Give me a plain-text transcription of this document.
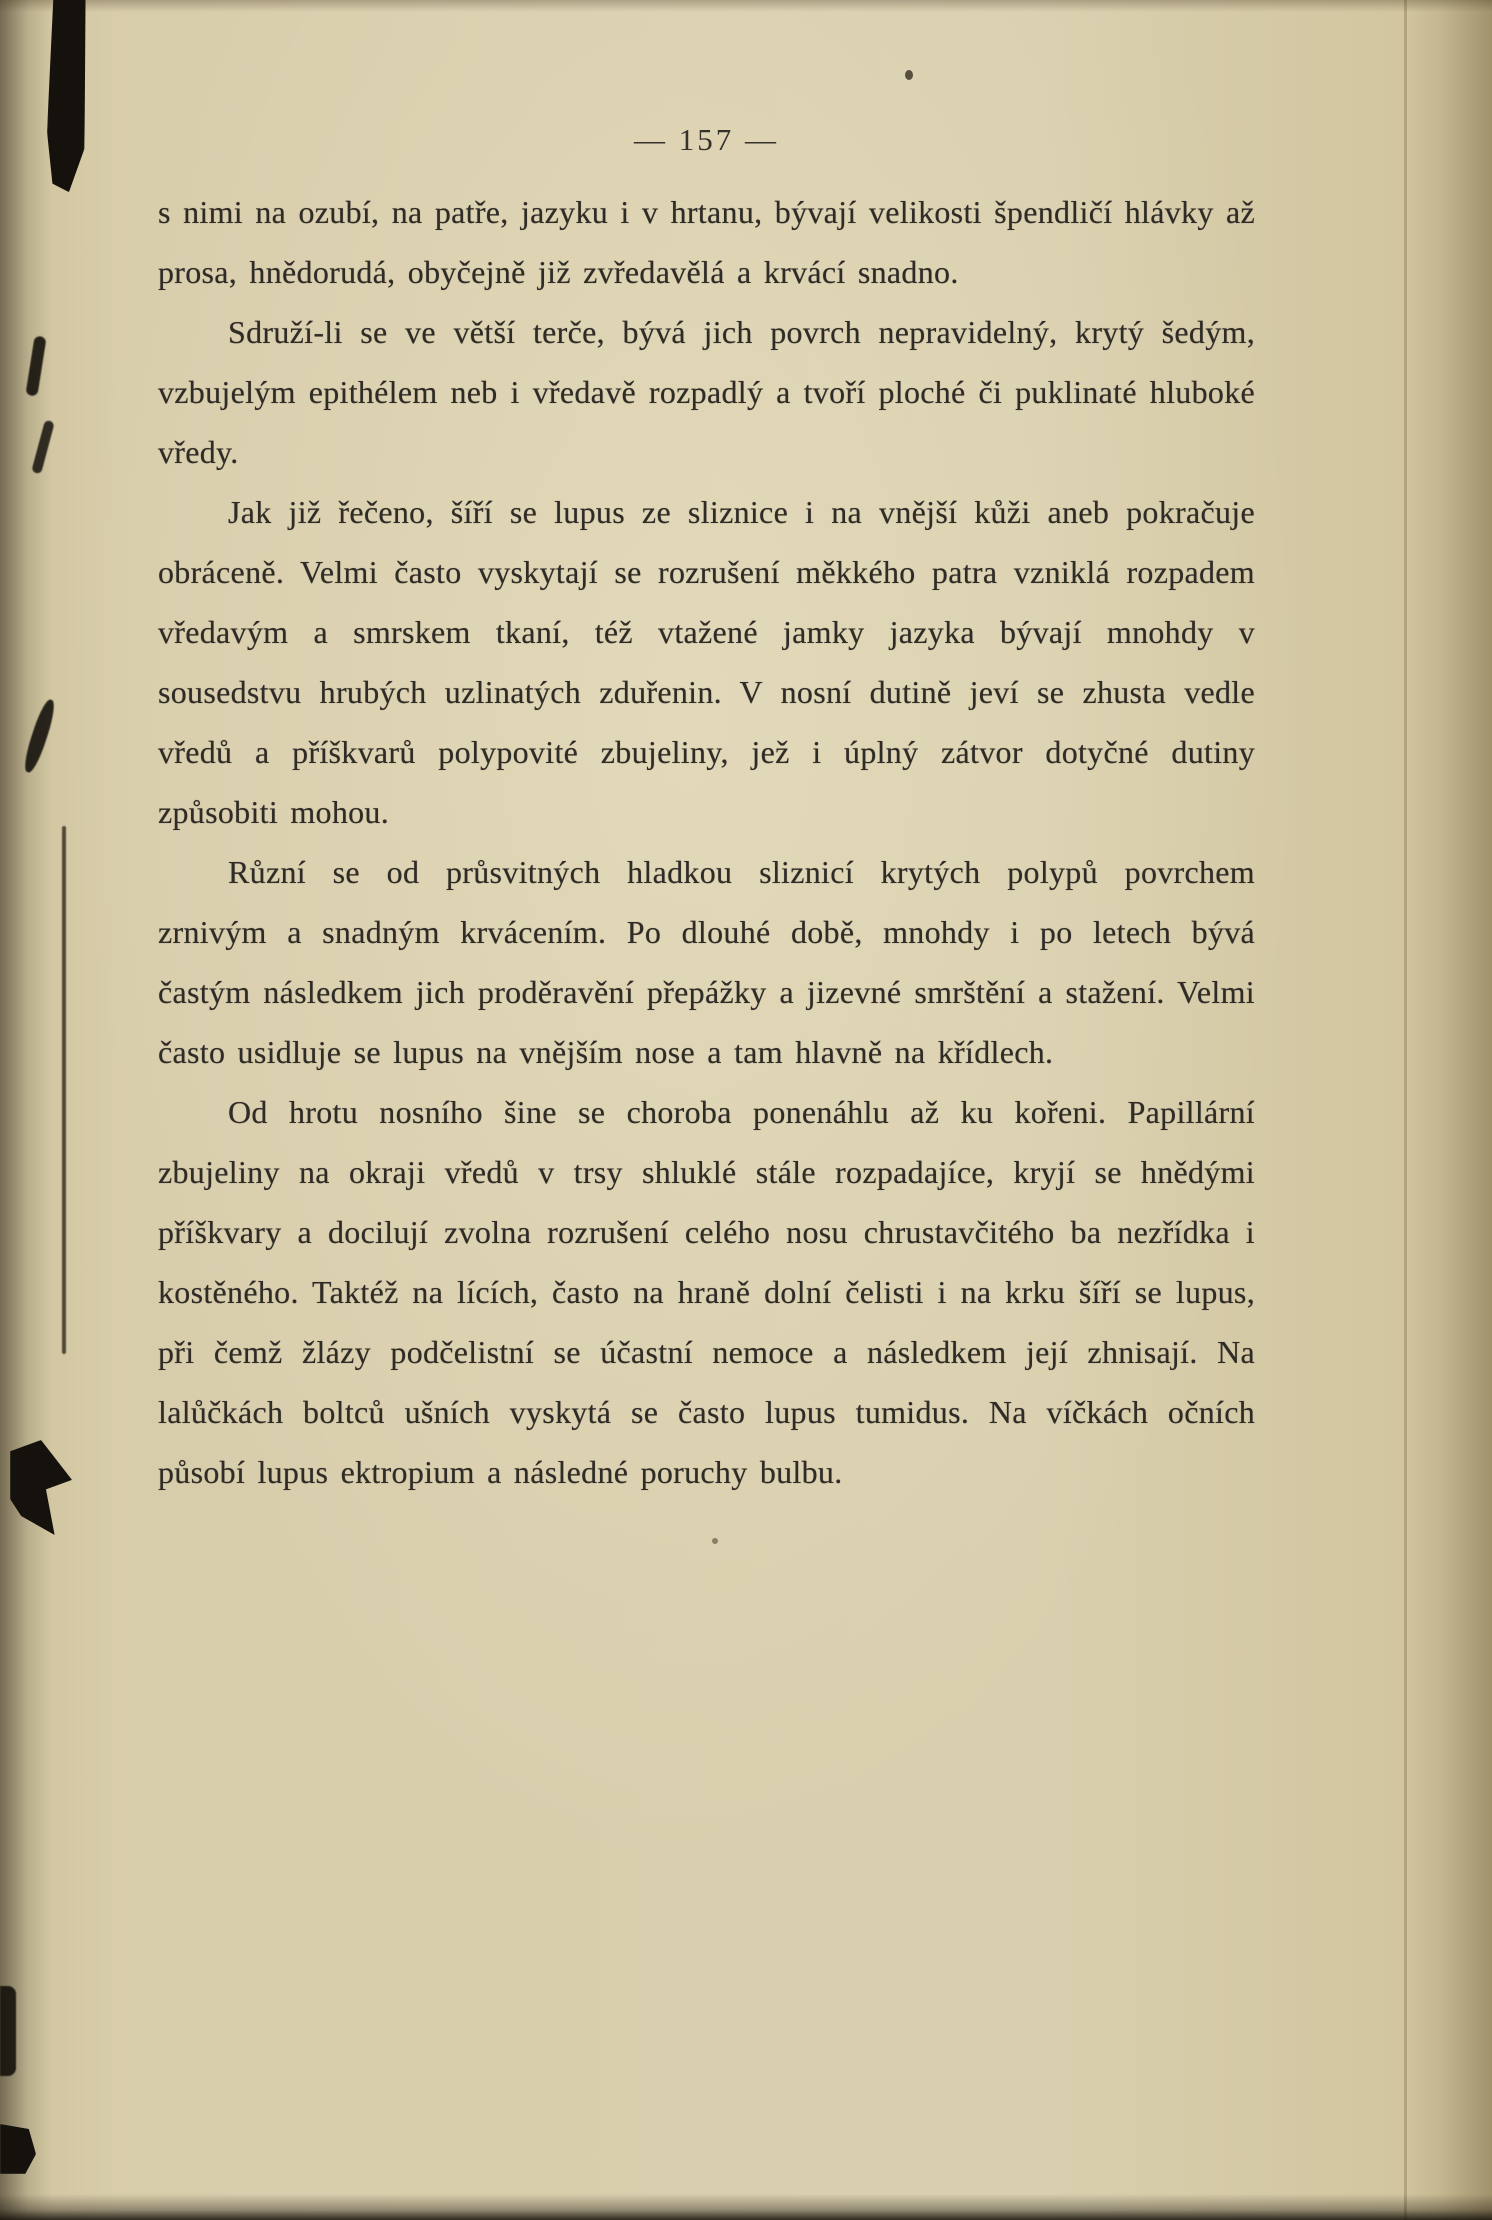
— 157 —

s nimi na ozubí, na patře, jazyku i v hrtanu, bývají velikosti špendličí hlávky až prosa, hnědorudá, obyčejně již zvředavělá a krvácí snadno.

Sdruží-li se ve větší terče, bývá jich povrch nepravidelný, krytý šedým, vzbujelým epithélem neb i vředavě rozpadlý a tvoří ploché či puklinaté hluboké vředy.

Jak již řečeno, šíří se lupus ze sliznice i na vnější kůži aneb pokračuje obráceně. Velmi často vyskytají se rozrušení měkkého patra vzniklá rozpadem vředavým a smrskem tkaní, též vtažené jamky jazyka bývají mnohdy v sousedstvu hrubých uzlinatých zduřenin. V nosní dutině jeví se zhusta vedle vředů a příškvarů polypovité zbujeliny, jež i úplný zátvor dotyčné dutiny způsobiti mohou.

Různí se od průsvitných hladkou sliznicí krytých polypů povrchem zrnivým a snadným krvácením. Po dlouhé době, mnohdy i po letech bývá častým následkem jich proděravění přepážky a jizevné smrštění a stažení. Velmi často usidluje se lupus na vnějším nose a tam hlavně na křídlech.

Od hrotu nosního šine se choroba ponenáhlu až ku kořeni. Papillární zbujeliny na okraji vředů v trsy shluklé stále rozpadajíce, kryjí se hnědými příškvary a docilují zvolna rozrušení celého nosu chrustavčitého ba nezřídka i kostěného. Taktéž na lících, často na hraně dolní čelisti i na krku šíří se lupus, při čemž žlázy podčelistní se účastní nemoce a následkem její zhnisají. Na lalůčkách boltců ušních vyskytá se často lupus tumidus. Na víčkách očních působí lupus ektropium a následné poruchy bulbu.
